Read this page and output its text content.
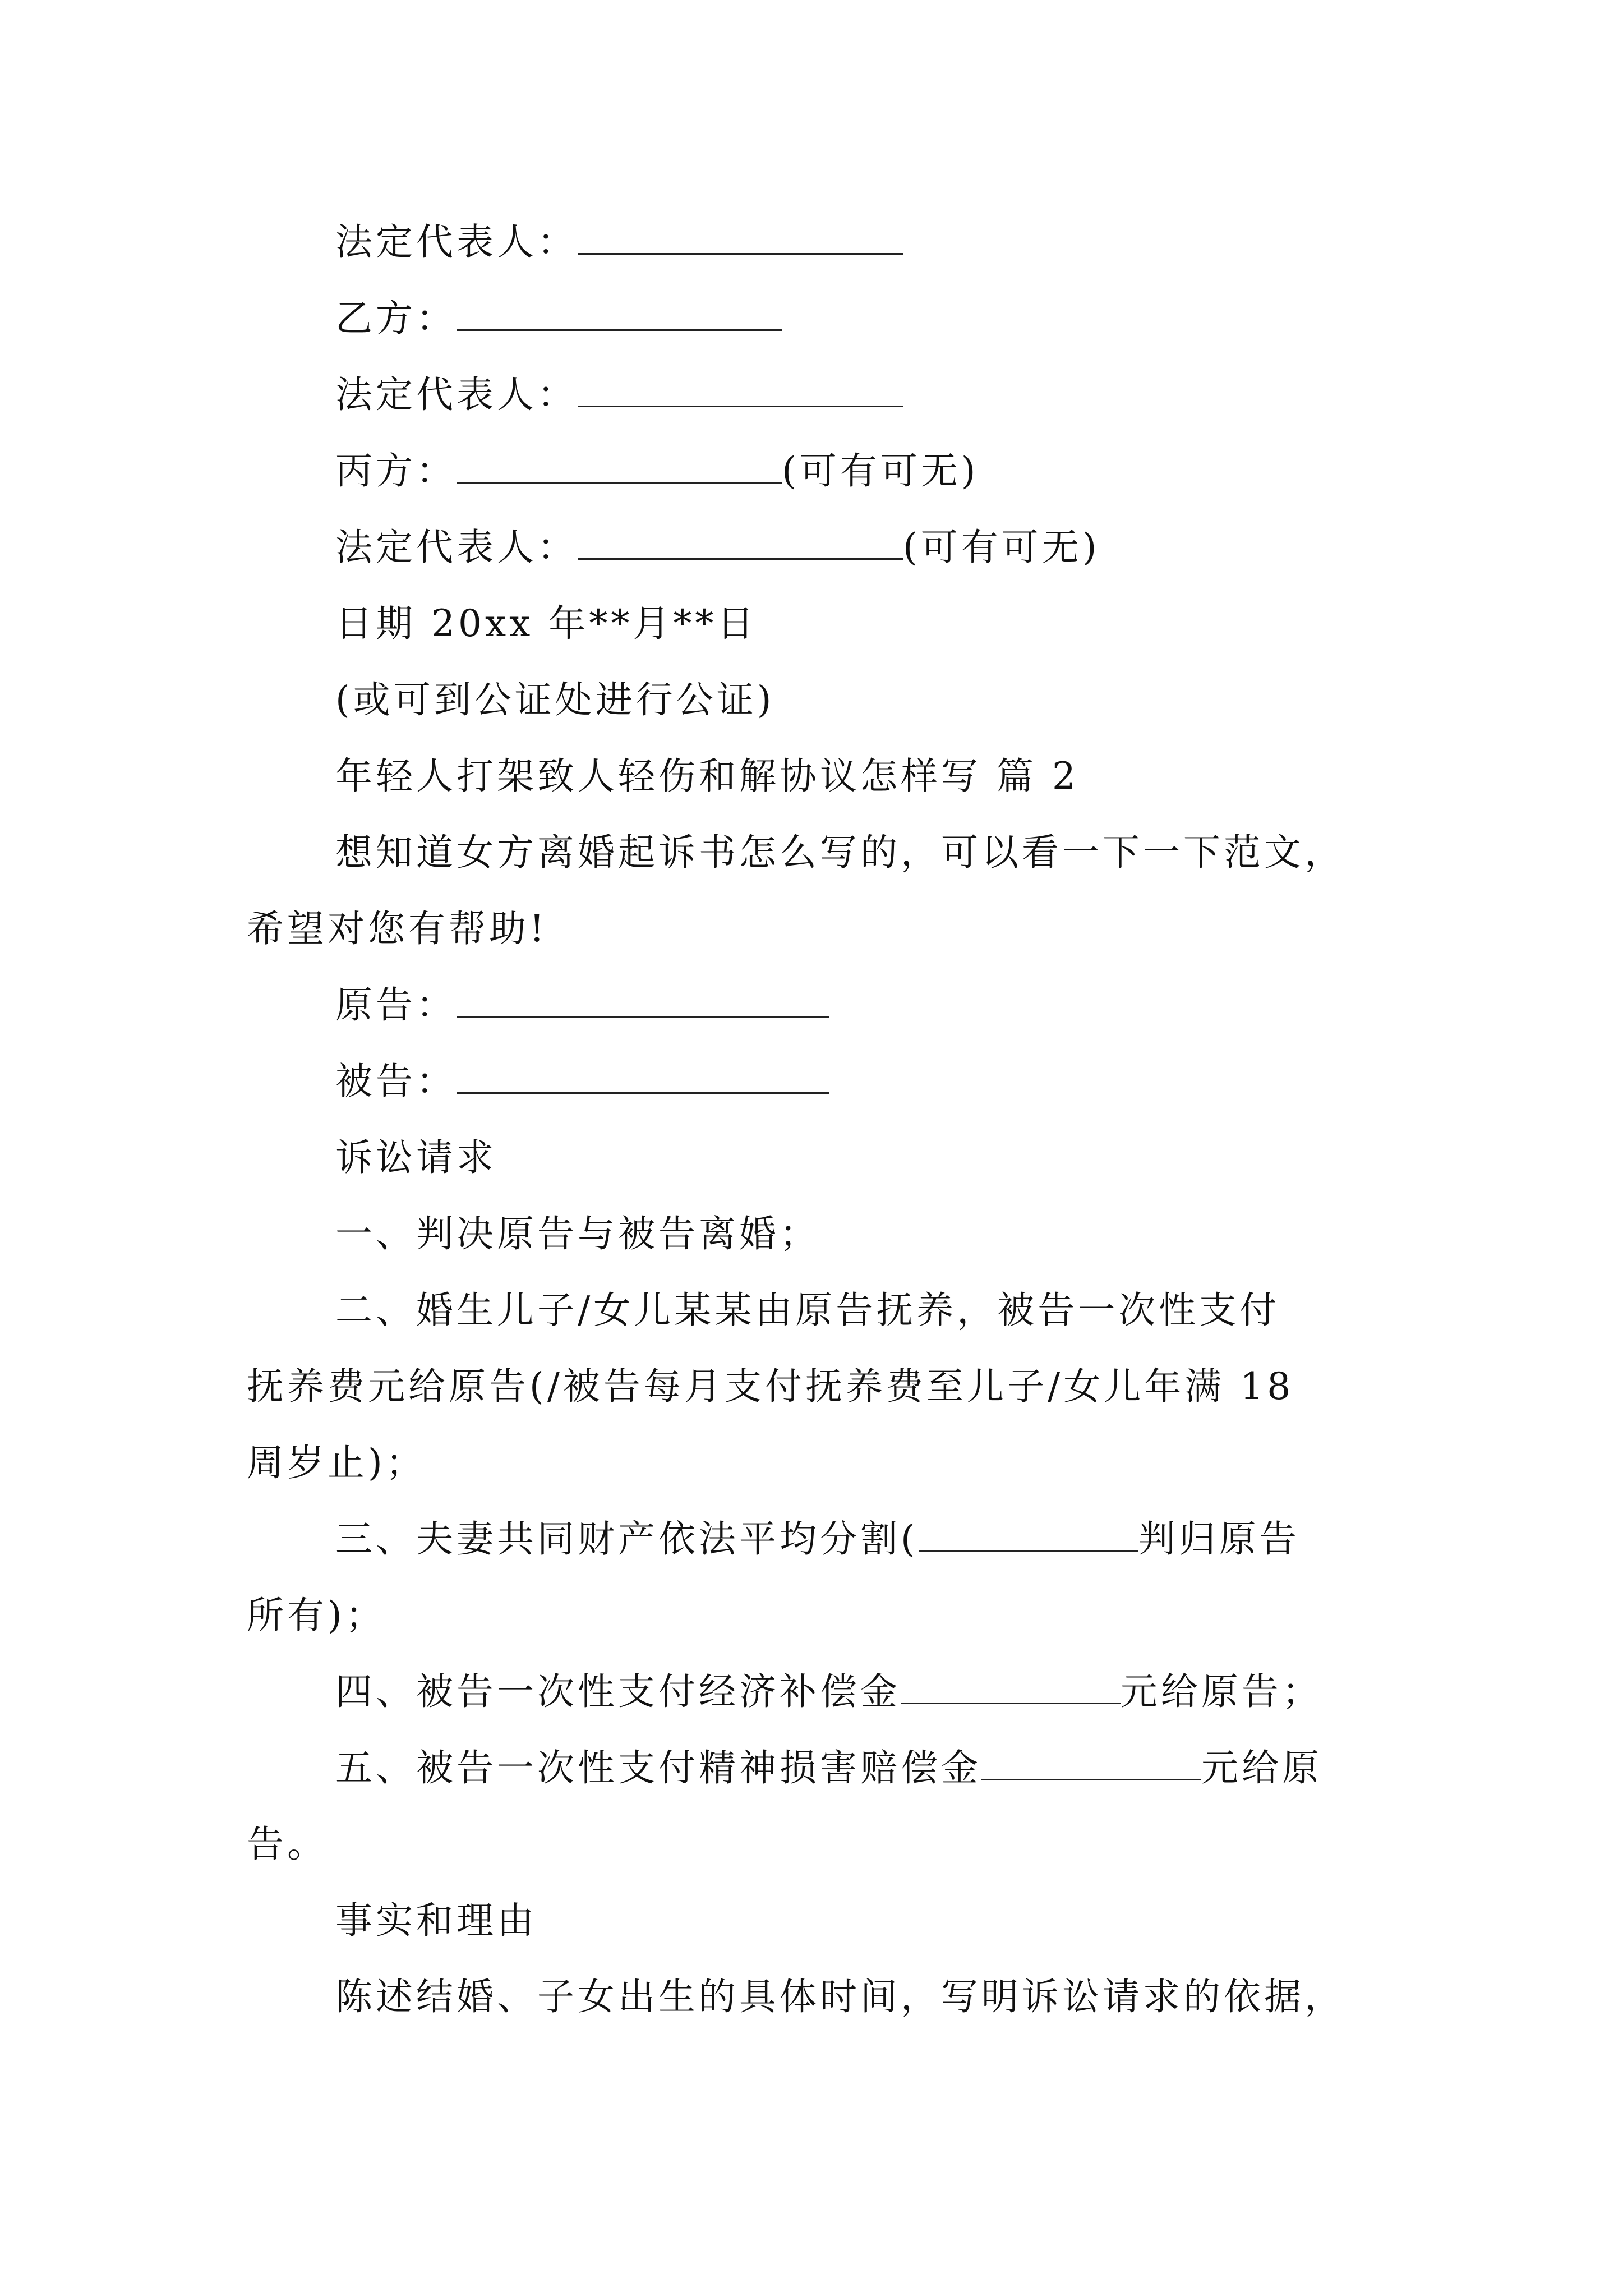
法定代表人：
乙方：
法定代表人：
丙方：	(可有可无)
法定代表人：	(可有可无)
日期 20xx 年**月**日
(或可到公证处进行公证)
年轻人打架致人轻伤和解协议怎样写 篇 2
想知道女方离婚起诉书怎么写的，可以看一下一下范文，
希望对您有帮助!
原告：
被告：
诉讼请求
一、判决原告与被告离婚；
二、婚生儿子/女儿某某由原告抚养，被告一次性支付
抚养费元给原告(/被告每月支付抚养费至儿子/女儿年满 18
周岁止)；
三、夫妻共同财产依法平均分割(	判归原告
所有)；
四、被告一次性支付经济补偿金	元给原告；
五、被告一次性支付精神损害赔偿金	元给原
告。
事实和理由
陈述结婚、子女出生的具体时间，写明诉讼请求的依据，
